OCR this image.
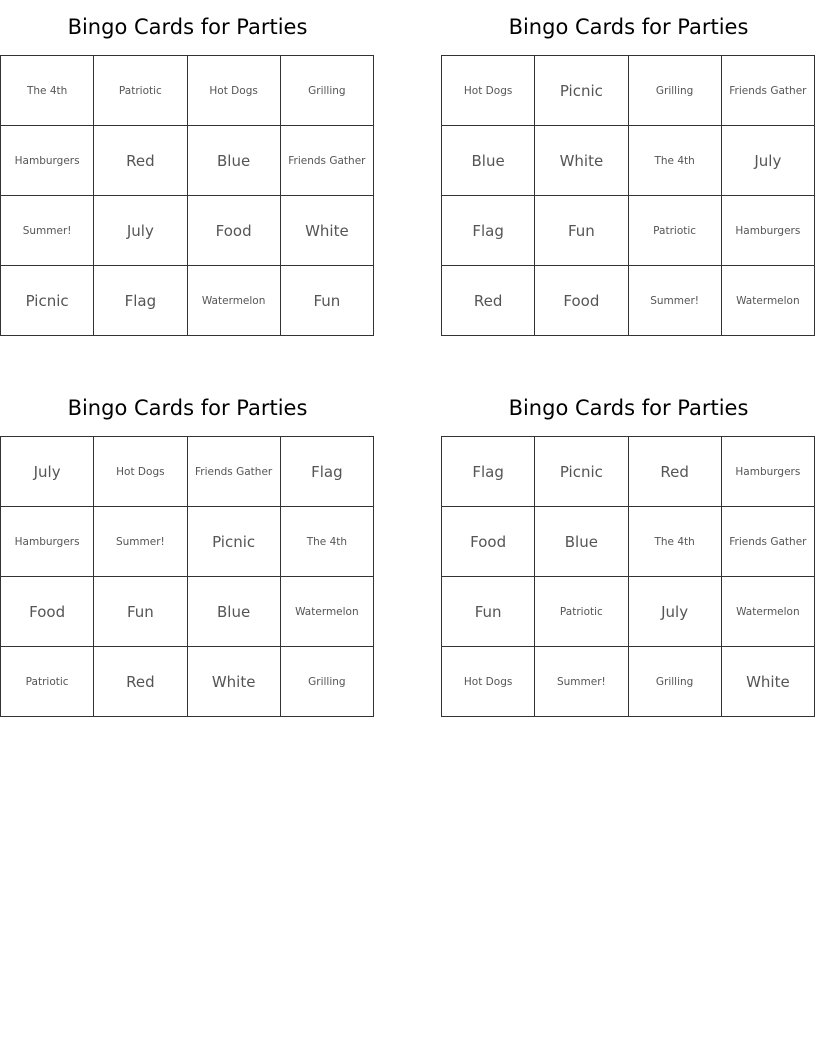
Bingo Cards for Parties
The 4th	Patriotic	Hot Dogs	Grilling
Hamburgers	Red	Blue	Friends Gather
Summer!	July	Food	White
Picnic	Flag	Watermelon	Fun
Bingo Cards for Parties
Hot Dogs	Picnic	Grilling	Friends Gather
Blue	White	The 4th	July
Flag	Fun	Patriotic	Hamburgers
Red	Food	Summer!	Watermelon
Bingo Cards for Parties
July	Hot Dogs	Friends Gather	Flag
Hamburgers	Summer!	Picnic	The 4th
Food	Fun	Blue	Watermelon
Patriotic	Red	White	Grilling
Bingo Cards for Parties
Flag	Picnic	Red	Hamburgers
Food	Blue	The 4th	Friends Gather
Fun	Patriotic	July	Watermelon
Hot Dogs	Summer!	Grilling	White
